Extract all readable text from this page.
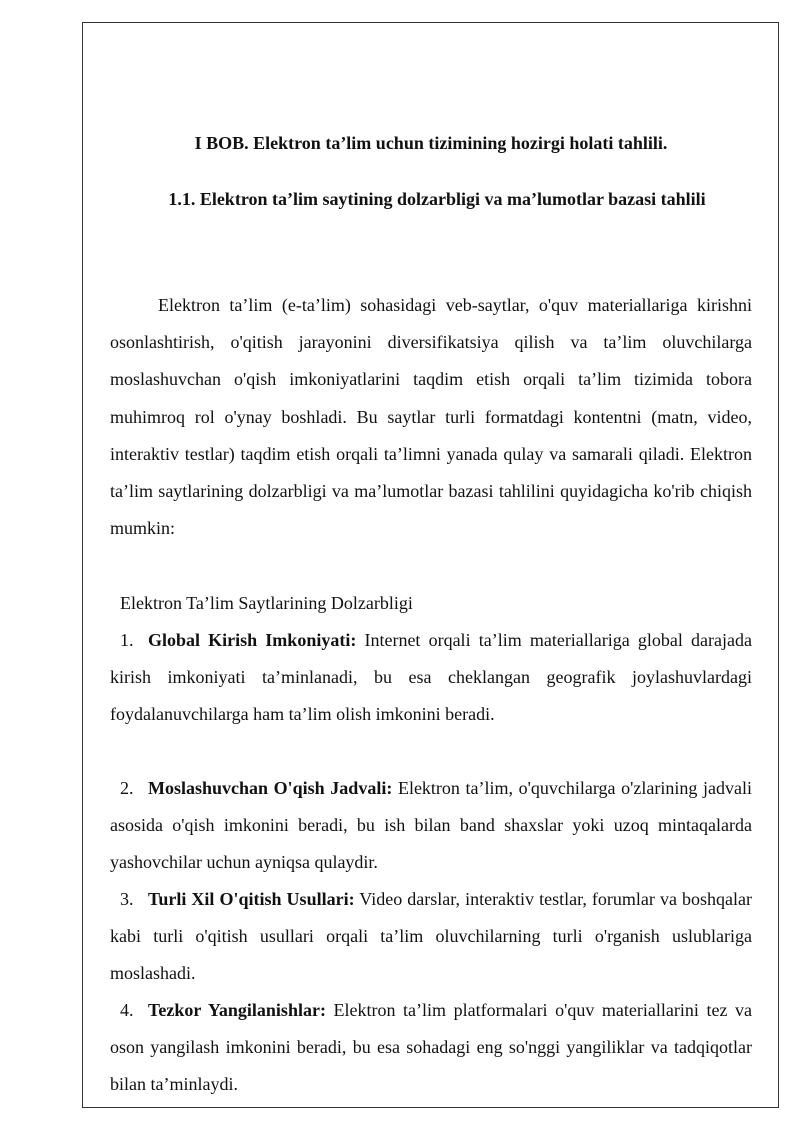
I BOB. Elektron ta’lim uchun tizimining hozirgi holati tahlili.
1.1. Elektron ta’lim saytining dolzarbligi va ma’lumotlar bazasi tahlili

Elektron ta’lim (e-ta’lim) sohasidagi veb-saytlar, o'quv materiallariga kirishni osonlashtirish, o'qitish jarayonini diversifikatsiya qilish va ta’lim oluvchilarga moslashuvchan o'qish imkoniyatlarini taqdim etish orqali ta’lim tizimida tobora muhimroq rol o'ynay boshladi. Bu saytlar turli formatdagi kontentni (matn, video, interaktiv testlar) taqdim etish orqali ta’limni yanada qulay va samarali qiladi. Elektron ta’lim saytlarining dolzarbligi va ma’lumotlar bazasi tahlilini quyidagicha ko'rib chiqish mumkin:

Elektron Ta’lim Saytlarining Dolzarbligi

1. Global Kirish Imkoniyati: Internet orqali ta’lim materiallariga global darajada kirish imkoniyati ta’minlanadi, bu esa cheklangan geografik joylashuvlardagi foydalanuvchilarga ham ta’lim olish imkonini beradi.

2. Moslashuvchan O'qish Jadvali: Elektron ta’lim, o'quvchilarga o'zlarining jadvali asosida o'qish imkonini beradi, bu ish bilan band shaxslar yoki uzoq mintaqalarda yashovchilar uchun ayniqsa qulaydir.

3. Turli Xil O'qitish Usullari: Video darslar, interaktiv testlar, forumlar va boshqalar kabi turli o'qitish usullari orqali ta’lim oluvchilarning turli o'rganish uslublariga moslashadi.

4. Tezkor Yangilanishlar: Elektron ta’lim platformalari o'quv materiallarini tez va oson yangilash imkonini beradi, bu esa sohadagi eng so'nggi yangiliklar va tadqiqotlar bilan ta’minlaydi.
